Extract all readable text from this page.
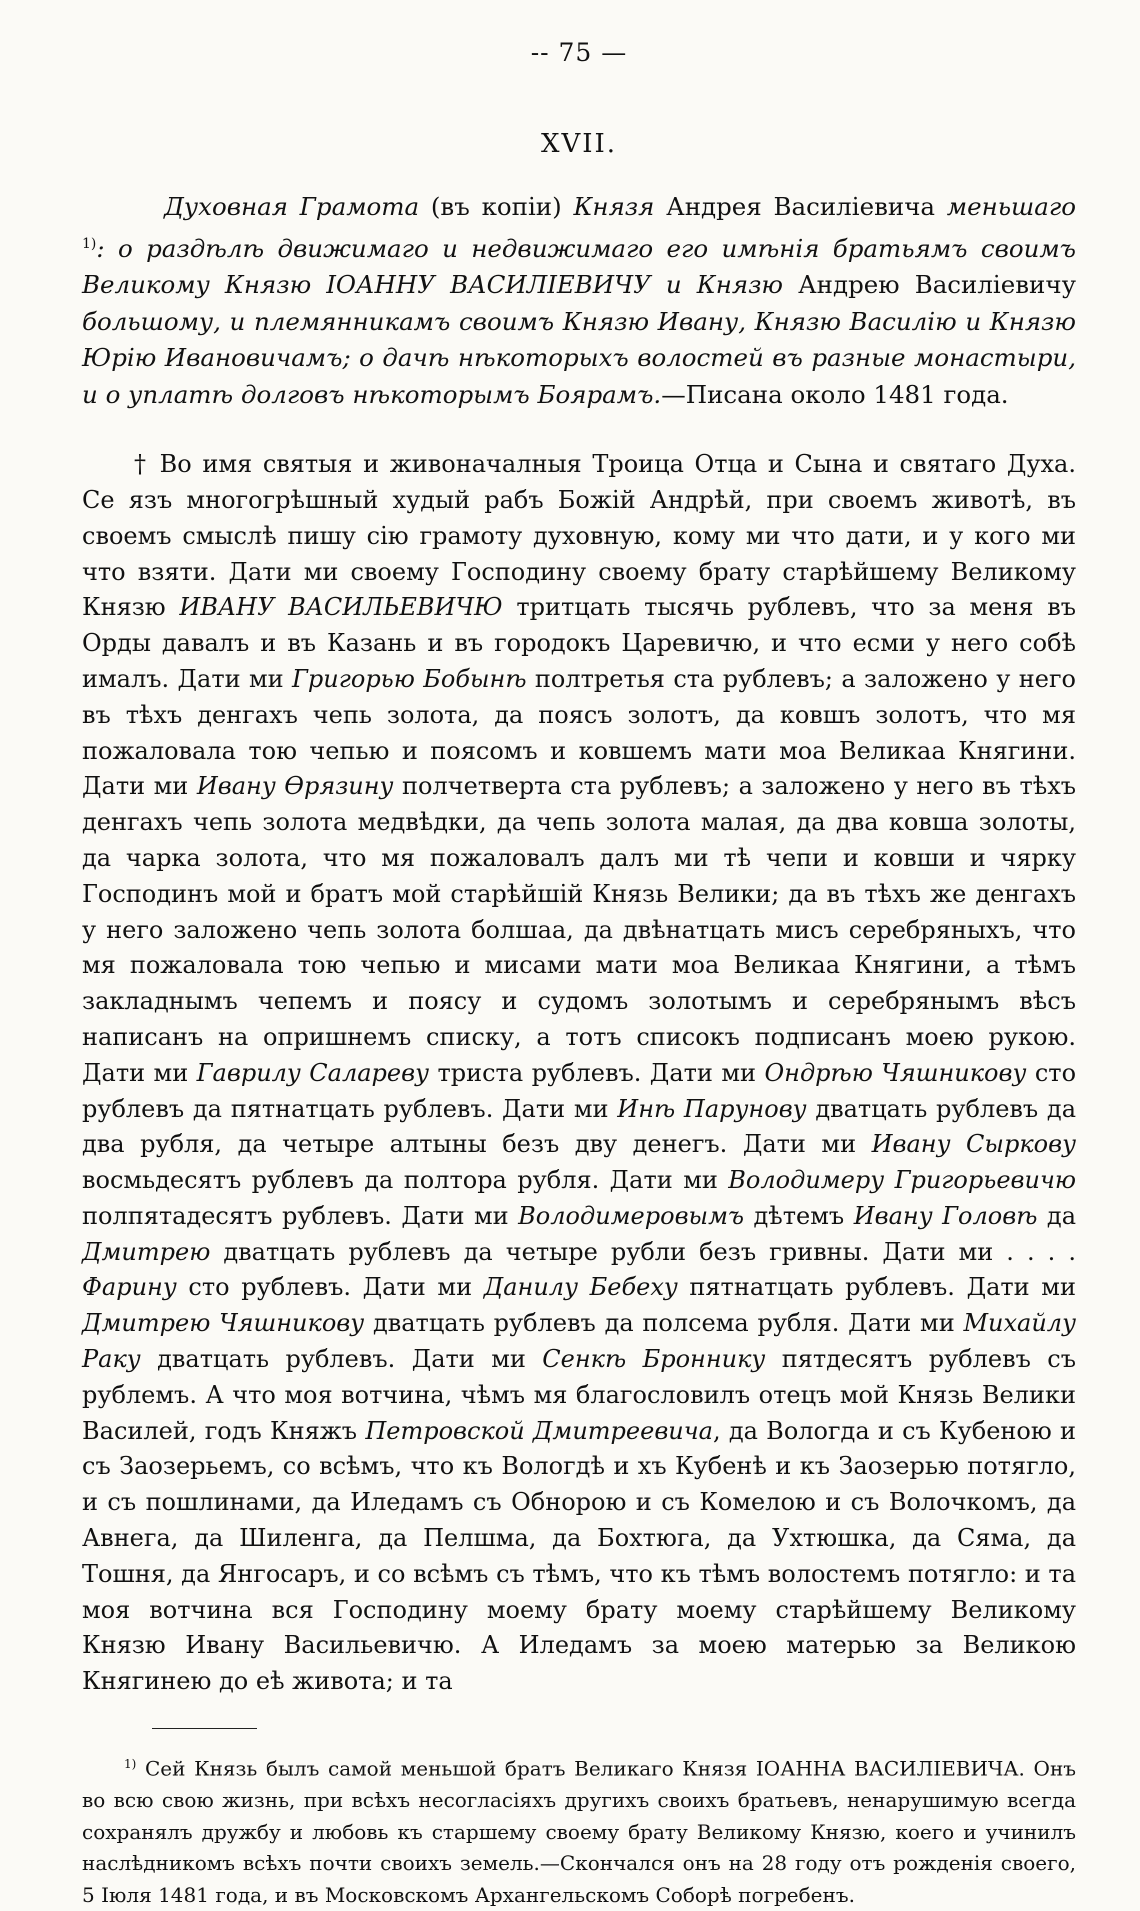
-- 75 —
XVII.

Духовная Грамота (въ копіи) Князя Андрея Василіевича меньшаго $^{1)}$: о раздѣлѣ движимаго и недвижимаго его имѣнія братьямъ своимъ Великому Князю ІОАННУ ВАСИЛІЕВИЧУ и Князю Андрею Василіевичу большому, и племянникамъ своимъ Князю Ивану, Князю Василію и Князю Юрію Ивановичамъ; о дачѣ нѣкоторыхъ волостей въ разные монастыри, и о уплатѣ долговъ нѣкоторымъ Боярамъ.—Писана около 1481 года.

† Во имя святыя и живоначалныя Троица Отца и Сына и святаго Духа. Се язъ многогрѣшный худый рабъ Божій Андрѣй, при своемъ животѣ, въ своемъ смыслѣ пишу сію грамоту духовную, кому ми что дати, и у кого ми что взяти. Дати ми своему Господину своему брату старѣйшему Великому Князю ИВАНУ ВАСИЛЬЕВИЧЮ тритцать тысячь рублевъ, что за меня въ Орды давалъ и въ Казань и въ городокъ Царевичю, и что есми у него собѣ ималъ. Дати ми Григорью Бобынѣ полтретья ста рублевъ; а заложено у него въ тѣхъ денгахъ чепь золота, да поясъ золотъ, да ковшъ золотъ, что мя пожаловала тою чепью и поясомъ и ковшемъ мати моа Великаа Княгини. Дати ми Ивану Өрязину полчетверта ста рублевъ; а заложено у него въ тѣхъ денгахъ чепь золота медвѣдки, да чепь золота малая, да два ковша золоты, да чарка золота, что мя пожаловалъ далъ ми тѣ чепи и ковши и чярку Господинъ мой и братъ мой старѣйшій Князь Велики; да въ тѣхъ же денгахъ у него заложено чепь золота болшаа, да двѣнатцать мисъ серебряныхъ, что мя пожаловала тою чепью и мисами мати моа Великаа Княгини, а тѣмъ закладнымъ чепемъ и поясу и судомъ золотымъ и серебрянымъ вѣсъ написанъ на опришнемъ списку, а тотъ списокъ подписанъ моею рукою. Дати ми Гаврилу Салареву триста рублевъ. Дати ми Ондрѣю Чяшникову сто рублевъ да пятнатцать рублевъ. Дати ми Инѣ Парунову дватцать рублевъ да два рубля, да четыре алтыны безъ дву денегъ. Дати ми Ивану Сыркову восмьдесятъ рублевъ да полтора рубля. Дати ми Володимеру Григорьевичю полпятадесятъ рублевъ. Дати ми Володимеровымъ дѣтемъ Ивану Головѣ да Дмитрею дватцать рублевъ да четыре рубли безъ гривны. Дати ми . . . . Фарину сто рублевъ. Дати ми Данилу Бебеху пятнатцать рублевъ. Дати ми Дмитрею Чяшникову дватцать рублевъ да полсема рубля. Дати ми Михайлу Раку дватцать рублевъ. Дати ми Сенкѣ Броннику пятдесятъ рублевъ съ рублемъ. А что моя вотчина, чѣмъ мя благословилъ отецъ мой Князь Велики Василей, годъ Княжъ Петровской Дмитреевича, да Вологда и съ Кубеною и съ Заозерьемъ, со всѣмъ, что къ Вологдѣ и хъ Кубенѣ и къ Заозерью потягло, и съ пошлинами, да Иледамъ съ Обнорою и съ Комелою и съ Волочкомъ, да Авнега, да Шиленга, да Пелшма, да Бохтюга, да Ухтюшка, да Сяма, да Тошня, да Янгосаръ, и со всѣмъ съ тѣмъ, что къ тѣмъ волостемъ потягло: и та моя вотчина вся Господину моему брату моему старѣйшему Великому Князю Ивану Васильевичю. А Иледамъ за моею матерью за Великою Княгинею до еѣ живота; и та

$^{1)}$ Сей Князь былъ самой меньшой братъ Великаго Князя ІОАННА ВАСИЛІЕВИЧА. Онъ во всю свою жизнь, при всѣхъ несогласіяхъ другихъ своихъ братьевъ, ненарушимую всегда сохранялъ дружбу и любовь къ старшему своему брату Великому Князю, коего и учинилъ наслѣдникомъ всѣхъ почти своихъ земель.—Скончался онъ на 28 году отъ рожденія своего, 5 Іюля 1481 года, и въ Московскомъ Архангельскомъ Соборѣ погребенъ.
